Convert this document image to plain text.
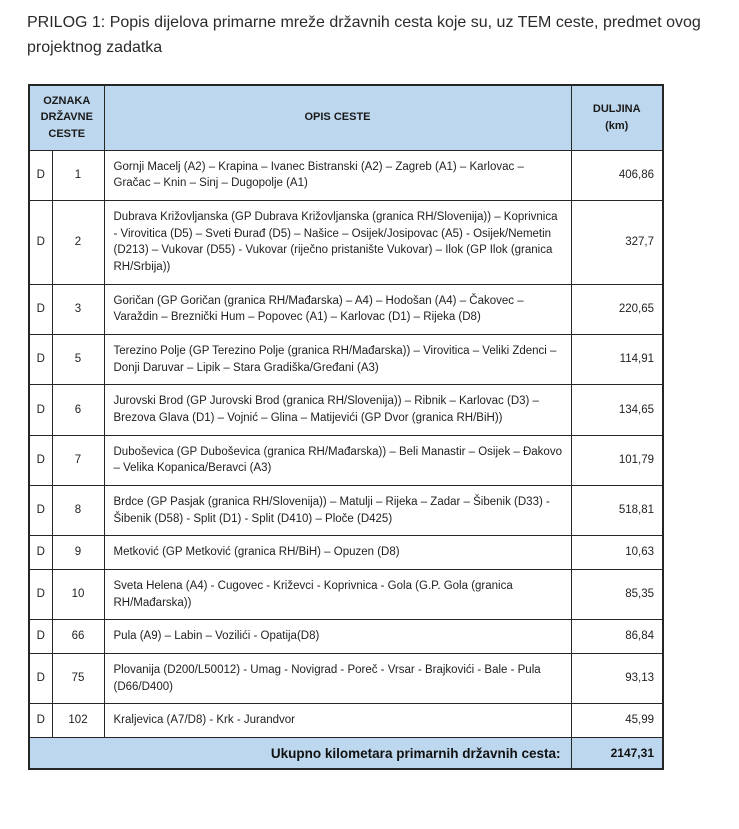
PRILOG 1: Popis dijelova primarne mreže državnih cesta koje su, uz TEM ceste, predmet ovog projektnog zadatka
OZNAKA DRŽAVNE CESTE		OPIS CESTE	DULJINA
(km)
D	1	Gornji Macelj (A2) – Krapina – Ivanec Bistranski (A2) – Zagreb (A1) – Karlovac – Gračac – Knin – Sinj – Dugopolje (A1)	406,86
D	2	Dubrava Križovljanska (GP Dubrava Križovljanska (granica RH/Slovenija)) – Koprivnica - Virovitica (D5) – Sveti Đurađ (D5) – Našice – Osijek/Josipovac (A5) - Osijek/Nemetin (D213) – Vukovar (D55) - Vukovar (riječno pristanište Vukovar) – Ilok (GP Ilok (granica RH/Srbija))	327,7
D	3	Goričan (GP Goričan (granica RH/Mađarska) – A4) – Hodošan (A4) – Čakovec – Varaždin – Breznički Hum – Popovec (A1) – Karlovac (D1) – Rijeka (D8)	220,65
D	5	Terezino Polje (GP Terezino Polje (granica RH/Mađarska)) – Virovitica – Veliki Zdenci – Donji Daruvar – Lipik – Stara Gradiška/Gređani (A3)	114,91
D	6	Jurovski Brod (GP Jurovski Brod (granica RH/Slovenija)) – Ribnik – Karlovac (D3) – Brezova Glava (D1) – Vojnić – Glina – Matijevići (GP Dvor (granica RH/BiH))	134,65
D	7	Duboševica (GP Duboševica (granica RH/Mađarska)) – Beli Manastir – Osijek – Đakovo – Velika Kopanica/Beravci (A3)	101,79
D	8	Brdce (GP Pasjak (granica RH/Slovenija)) – Matulji – Rijeka – Zadar – Šibenik (D33) - Šibenik (D58) - Split (D1) - Split (D410) – Ploče (D425)	518,81
D	9	Metković (GP Metković (granica RH/BiH) – Opuzen (D8)	10,63
D	10	Sveta Helena (A4) - Cugovec - Križevci - Koprivnica - Gola (G.P. Gola (granica RH/Mađarska))	85,35
D	66	Pula (A9) – Labin – Vozilići - Opatija(D8)	86,84
D	75	Plovanija (D200/L50012) - Umag - Novigrad - Poreč - Vrsar - Brajkovići - Bale - Pula (D66/D400)	93,13
D	102	Kraljevica (A7/D8) - Krk - Jurandvor	45,99
Ukupno kilometara primarnih državnih cesta:			2147,31
